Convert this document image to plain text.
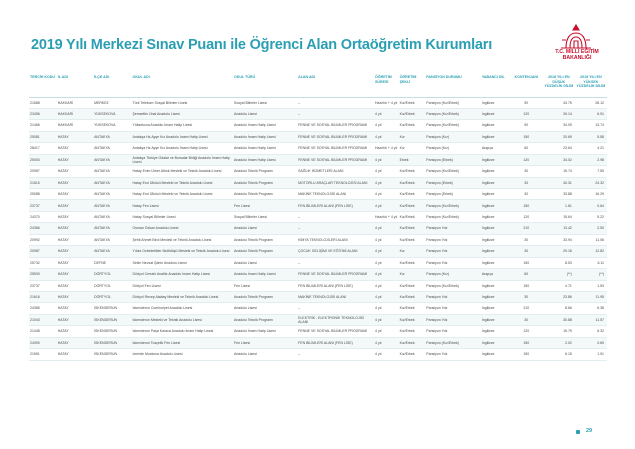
2019 Yılı Merkezi Sınav Puanı ile Öğrenci Alan Ortaöğretim Kurumları	T.C. MİLLÎ EĞİTİM
BAKANLIĞI
TERCİH KODU	İL ADI	İLÇE ADI	OKUL ADI	OKUL TÜRÜ	ALAN ADI	ÖĞRETİM SÜRESİ	ÖĞRETİM ŞEKLİ	PANSİYON DURUMU	YABANCI DİL	KONTENJANI	2018 YILI EN DÜŞÜK YÜZDELİK DİLİM	2019 YILI EN YÜKSEK YÜZDELİK DİLİM
21688	HAKKARİ	MERKEZ	Türk Telekom Sosyal Bilimler Lisesi	Sosyal Bilimler Lisesi	–	Hazırlık + 4 yıl	Kız/Erkek	Pansiyon (Kız/Erkek)	İngilizce	90	43.75	28.12
23456	HAKKARİ	YÜKSEKOVA	Şemsettin Ünal Anadolu Lisesi	Anadolu Lisesi	–	4 yıl	Kız/Erkek	Pansiyon (Kız/Erkek)	İngilizce	120	26.14	6.91
21466	HAKKARİ	YÜKSEKOVA	Yüksekova Anadolu İmam Hatip Lisesi	Anadolu İmam Hatip Lisesi	FENNE VE SOSYAL BİLİMLER PROGRAMI	4 yıl	Kız/Erkek	Pansiyon (Kız/Erkek)	İngilizce	90	34.09	13.74
25081	HATAY	ANTAKYA	Antakya Hz.Ayşe Kız Anadolu İmam Hatip Lisesi	Anadolu İmam Hatip Lisesi	FENNE VE SOSYAL BİLİMLER PROGRAMI	4 yıl	Kız	Pansiyon (Kız)	İngilizce	150	20.69	5.58
28417	HATAY	ANTAKYA	Antakya Hz.Ayşe Kız Anadolu İmam Hatip Lisesi	Anadolu İmam Hatip Lisesi	FENNE VE SOSYAL BİLİMLER PROGRAMI	Hazırlık + 4 yıl	Kız	Pansiyon (Kız)	Arapça	60	23.64	4.21
25003	HATAY	ANTAKYA	Antakya Türkiye Odalar ve Borsalar Birliği Anadolu İmam Hatip Lisesi	Anadolu İmam Hatip Lisesi	FENNE VE SOSYAL BİLİMLER PROGRAMI	4 yıl	Erkek	Pansiyon (Erkek)	İngilizce	120	34.02	2.98
20957	HATAY	ANTAKYA	Hatay Evim Ümer Altıok Mesleki ve Teknik Anadolu Lisesi	Anadolu Teknik Programı	SAĞLIK HİZMETLERİ ALANI	4 yıl	Kız/Erkek	Pansiyon (Kız/Erkek)	İngilizce	30	15.74	7.55
21615	HATAY	ANTAKYA	Hatay Erol Ülkücü Mesleki ve Teknik Anadolu Lisesi	Anadolu Teknik Programı	MOTORLU ARAÇLAR TEKNOLOJİSİ ALANI	4 yıl	Kız/Erkek	Pansiyon (Erkek)	İngilizce	30	40.31	24.32
25088	HATAY	ANTAKYA	Hatay Erol Ülkücü Mesleki ve Teknik Anadolu Lisesi	Anadolu Teknik Programı	MAKİNE TEKNOLOJİSİ ALANI	4 yıl	Kız/Erkek	Pansiyon (Erkek)	İngilizce	30	33.88	16.29
23737	HATAY	ANTAKYA	Hatay Fen Lisesi	Fen Lisesi	FEN BİLİMLERİ ALANI (FEN LİSE)	4 yıl	Kız/Erkek	Pansiyon (Kız/Erkek)	İngilizce	150	1.61	0.64
24370	HATAY	ANTAKYA	Hatay Sosyal Bilimler Lisesi	Sosyal Bilimler Lisesi	–	Hazırlık + 4 yıl	Kız/Erkek	Pansiyon (Kız/Erkek)	İngilizce	120	15.64	5.22
24366	HATAY	ANTAKYA	Osman Özkan Anadolu Lisesi	Anadolu Lisesi	–	4 yıl	Kız/Erkek	Pansiyon Yok	İngilizce	210	13.42	2.50
20992	HATAY	ANTAKYA	Şehit Ahmet Birol Mesleki ve Teknik Anadolu Lisesi	Anadolu Teknik Programı	KİMYA TEKNOLOJİLERİ ALANI	4 yıl	Kız/Erkek	Pansiyon Yok	İngilizce	30	33.94	11.06
20987	HATAY	ANTAKYA	Yıldız Ozbekelikler Multidüşü Mesleki ve Teknik Anadolu Lisesi	Anadolu Teknik Programı	ÇOCUK GELİŞİMİ VE EĞİTİMİ ALANI	4 yıl	Kız	Pansiyon Yok	İngilizce	30	29.16	12.82
25732	HATAY	DEFNE	Selim Nevzat Şahin Anadolu Lisesi	Anadolu Lisesi	–	4 yıl	Kız/Erkek	Pansiyon Yok	İngilizce	150	8.53	6.11
25539	HATAY	DÖRTYOL	Dörtyol Cerrahi Anafitz Anadolu İmam Hatip Lisesi	Anadolu İmam Hatip Lisesi	FENNE VE SOSYAL BİLİMLER PROGRAMI	4 yıl	Kız	Pansiyon (Kız)	Arapça	60	(**)	(**)
23737	HATAY	DÖRTYOL	Dörtyol Fen Lisesi	Fen Lisesi	FEN BİLİMLERİ ALANI (FEN LİSE)	4 yıl	Kız/Erkek	Pansiyon (Kız/Erkek)	İngilizce	150	4.71	1.53
21616	HATAY	DÖRTYOL	Dörtyol Recep Atabay Mesleki ve Teknik Anadolu Lisesi	Anadolu Teknik Programı	MAKİNE TEKNOLOJİSİ ALANI	4 yıl	Kız/Erkek	Pansiyon Yok	İngilizce	30	23.86	11.95
24385	HATAY	İSKENDERUN	İskenderun Cumhuriyet Anadolu Lisesi	Anadolu Lisesi	–	4 yıl	Kız/Erkek	Pansiyon Yok	İngilizce	210	8.66	6.38
21043	HATAY	İSKENDERUN	İskenderun Mesleki ve Teknik Anadolu Lisesi	Anadolu Teknik Programı	ELEKTRİK - ELEKTRONİK TEKNOLOJİSİ ALANI	4 yıl	Kız/Erkek	Pansiyon Yok	İngilizce	30	30.88	11.57
21448	HATAY	İSKENDERUN	İskenderun Paşa Karaca Anadolu İmam Hatip Lisesi	Anadolu İmam Hatip Lisesi	FENNE VE SOSYAL BİLİMLER PROGRAMI	4 yıl	Kız/Erkek	Pansiyon Yok	İngilizce	120	15.79	6.32
24390	HATAY	İSKENDERUN	İskenderun Tosçelik Fen Lisesi	Fen Lisesi	FEN BİLİMLERİ ALANI (FEN LİSE)	4 yıl	Kız/Erkek	Pansiyon (Kız/Erkek)	İngilizce	150	2.02	0.69
21591	HATAY	İSKENDERUN	İzmirde Moskova Anadolu Lisesi	Anadolu Lisesi	–	4 yıl	Kız/Erkek	Pansiyon Yok	İngilizce	150	6.15	1.91
29
